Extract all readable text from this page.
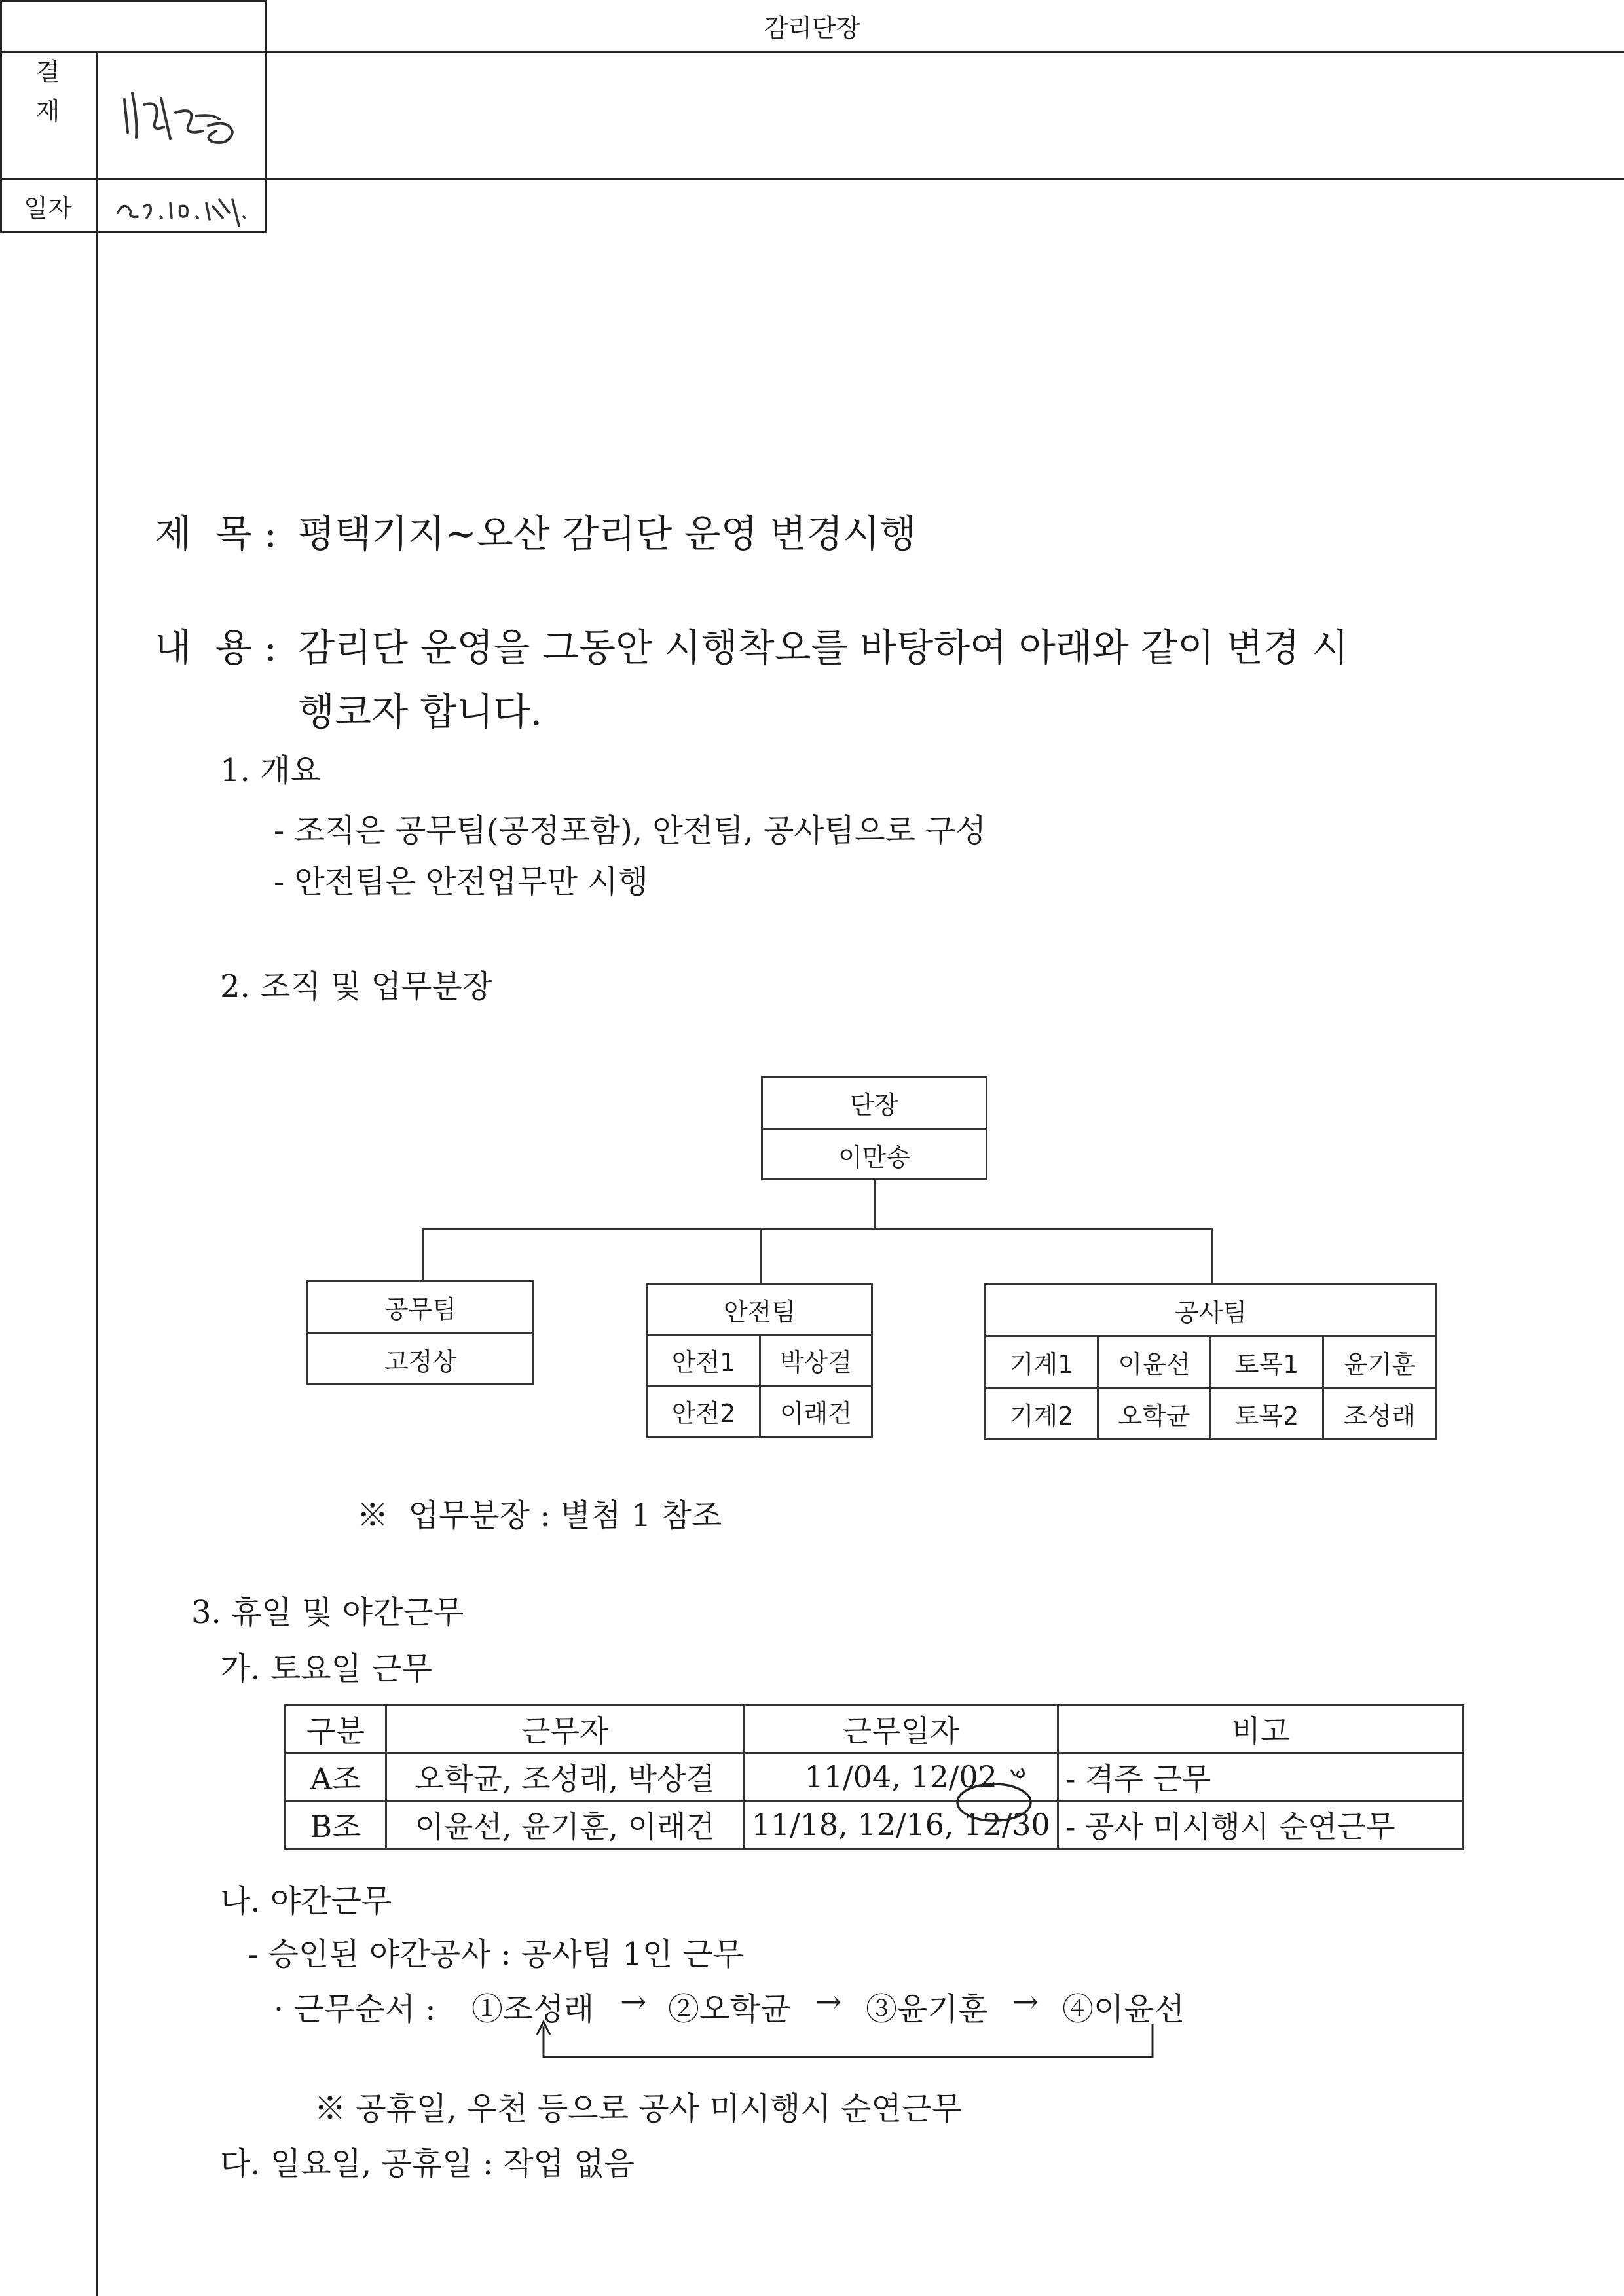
감리단장
결
재
일자
제  목 : 평택기지~오산 감리단 운영 변경시행
내  용 : 감리단 운영을 그동안 시행착오를 바탕하여 아래와 같이 변경 시
행코자 합니다.
1. 개요
- 조직은 공무팀(공정포함), 안전팀, 공사팀으로 구성
- 안전팀은 안전업무만 시행
2. 조직 및 업무분장
단장
이만송
공무팀
고정상
안전팀
안전1	박상걸
안전2	이래건
공사팀
기계1	이윤선	토목1	윤기훈
기계2	오학균	토목2	조성래
※  업무분장 : 별첨 1 참조
3. 휴일 및 야간근무
가. 토요일 근무
구분	근무자	근무일자	비고
A조	오학균, 조성래, 박상걸	11/04, 12/02	- 격주 근무
B조	이윤선, 윤기훈, 이래건	11/18, 12/16, 12/30	- 공사 미시행시 순연근무
나. 야간근무
- 승인된 야간공사 : 공사팀 1인 근무
· 근무순서 : ①조성래 → ②오학균 → ③윤기훈 → ④이윤선
※ 공휴일, 우천 등으로 공사 미시행시 순연근무
다. 일요일, 공휴일 : 작업 없음
